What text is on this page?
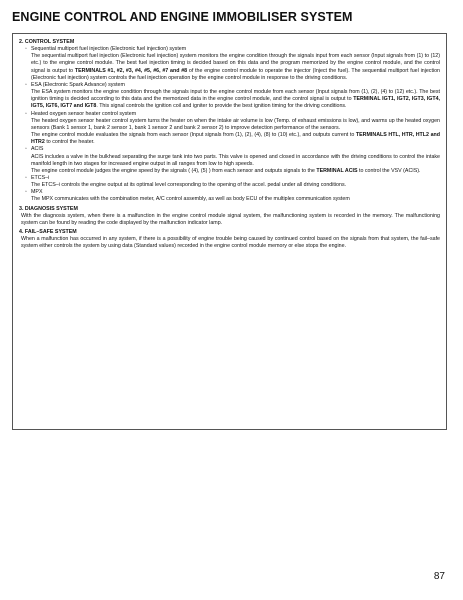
ENGINE CONTROL AND ENGINE IMMOBILISER SYSTEM
2. CONTROL SYSTEM
◦ Sequential multiport fuel injection (Electronic fuel injection) system
The sequential multiport fuel injection (Electronic fuel injection) system monitors the engine condition through the signals input from each sensor (Input signals from (1) to (12) etc.) to the engine control module. The best fuel injection timing is decided based on this data and the program memorized by the engine control module, and the control signal is output to TERMINALS #1, #2, #3, #4, #5, #6, #7 and #8 of the engine control module to operate the injector (Inject the fuel). The sequential multiport fuel injection (Electronic fuel injection) system controls the fuel injection operation by the engine control module in response to the driving conditions.
◦ ESA (Electronic Spark Advance) system
The ESA system monitors the engine condition through the signals input to the engine control module from each sensor (Input signals from (1), (2), (4) to (12) etc.). The best ignition timing is decided according to this data and the memorized data in the engine control module, and the control signal is output to TERMINAL IGT1, IGT2, IGT3, IGT4, IGT5, IGT6, IGT7 and IGT8. This signal controls the ignition coil and igniter to provide the best ignition timing for the driving conditions.
◦ Heated oxygen sensor heater control system
The heated oxygen sensor heater control system turns the heater on when the intake air volume is low (Temp. of exhaust emissions is low), and warms up the heated oxygen sensors (Bank 1 sensor 1, bank 2 sensor 1, bank 1 sensor 2 and bank 2 sensor 2) to improve detection performance of the sensors.
The engine control module evaluates the signals from each sensor (Input signals from (1), (2), (4), (8) to (10) etc.), and outputs current to TERMINALS HTL, HTR, HTL2 and HTR2 to control the heater.
◦ ACIS
ACIS includes a valve in the bulkhead separating the surge tank into two parts. This valve is opened and closed in accordance with the driving conditions to control the intake manifold length in two stages for increased engine output in all ranges from low to high speeds.
The engine control module judges the engine speed by the signals ( (4), (5) ) from each sensor and outputs signals to the TERMINAL ACIS to control the VSV (ACIS).
◦ ETCS–i
The ETCS–i controls the engine output at its optimal level corresponding to the opening of the accel. pedal under all driving conditions.
◦ MPX
The MPX communicates with the combination meter, A/C control assembly, as well as body ECU of the multiplex communication system
3. DIAGNOSIS SYSTEM
With the diagnosis system, when there is a malfunction in the engine control module signal system, the malfunctioning system is recorded in the memory. The malfunctioning system can be found by reading the code displayed by the malfunction indicator lamp.
4. FAIL–SAFE SYSTEM
When a malfunction has occurred in any system, if there is a possibility of engine trouble being caused by continued control based on the signals from that system, the fail–safe system either controls the system by using data (Standard values) recorded in the engine control module memory or else stops the engine.
87
